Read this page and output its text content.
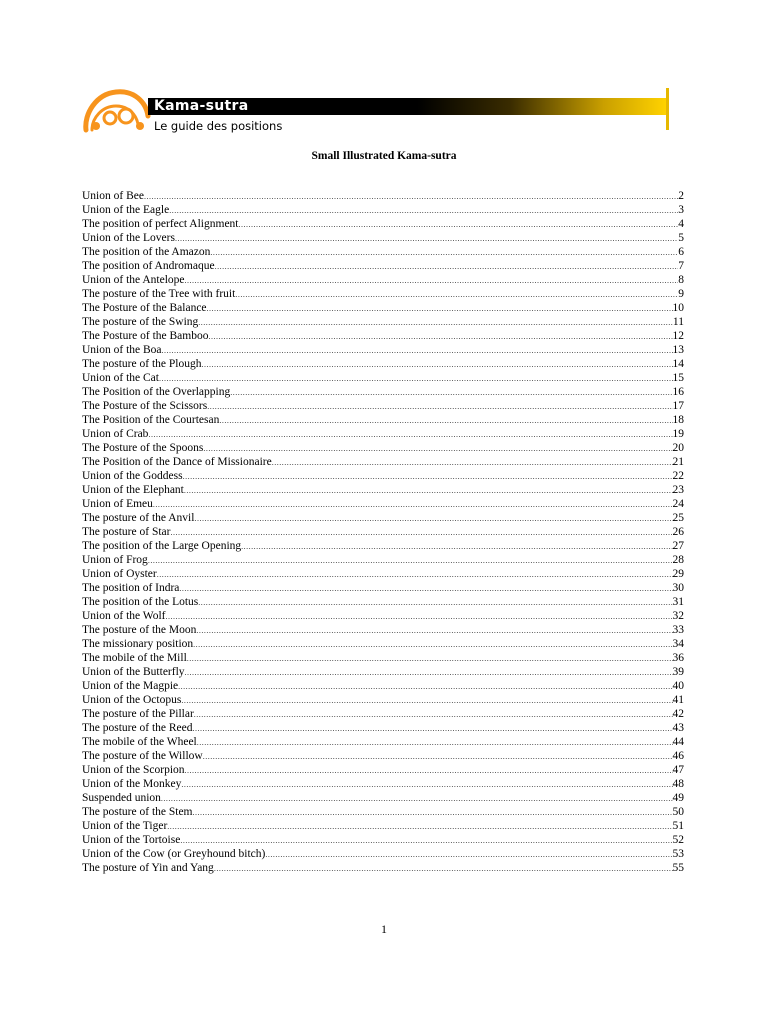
Kama-sutra
Le guide des positions
Small Illustrated Kama-sutra
Union of Bee .....	2
Union of the Eagle .....	3
The position of perfect Alignment .....	4
Union of the Lovers .....	5
The position of the Amazon .....	6
The position of Andromaque .....	7
Union of the Antelope .....	8
The posture of the Tree with fruit .....	9
The Posture of the Balance .....	10
The posture of the Swing .....	11
The Posture of the Bamboo .....	12
Union of the Boa .....	13
The posture of the Plough .....	14
Union of the Cat .....	15
The Position of the Overlapping .....	16
The Posture of the Scissors .....	17
The Position of the Courtesan .....	18
Union of Crab .....	19
The Posture of the Spoons .....	20
The Position of the Dance of Missionaire .....	21
Union of the Goddess .....	22
Union of the Elephant .....	23
Union of Emeu .....	24
The posture of the Anvil .....	25
The posture of Star .....	26
The position of the Large Opening .....	27
Union of Frog .....	28
Union of Oyster .....	29
The position of Indra .....	30
The position of the Lotus .....	31
Union of the Wolf .....	32
The posture of the Moon .....	33
The missionary position .....	34
The mobile of the Mill .....	36
Union of the Butterfly .....	39
Union of the Magpie .....	40
Union of the Octopus .....	41
The posture of the Pillar .....	42
The posture of the Reed .....	43
The mobile of the Wheel .....	44
The posture of the Willow .....	46
Union of the Scorpion .....	47
Union of the Monkey .....	48
Suspended union .....	49
The posture of the Stem .....	50
Union of the Tiger .....	51
Union of the Tortoise .....	52
Union of the Cow (or Greyhound bitch) .....	53
The posture of Yin and Yang .....	55
1
